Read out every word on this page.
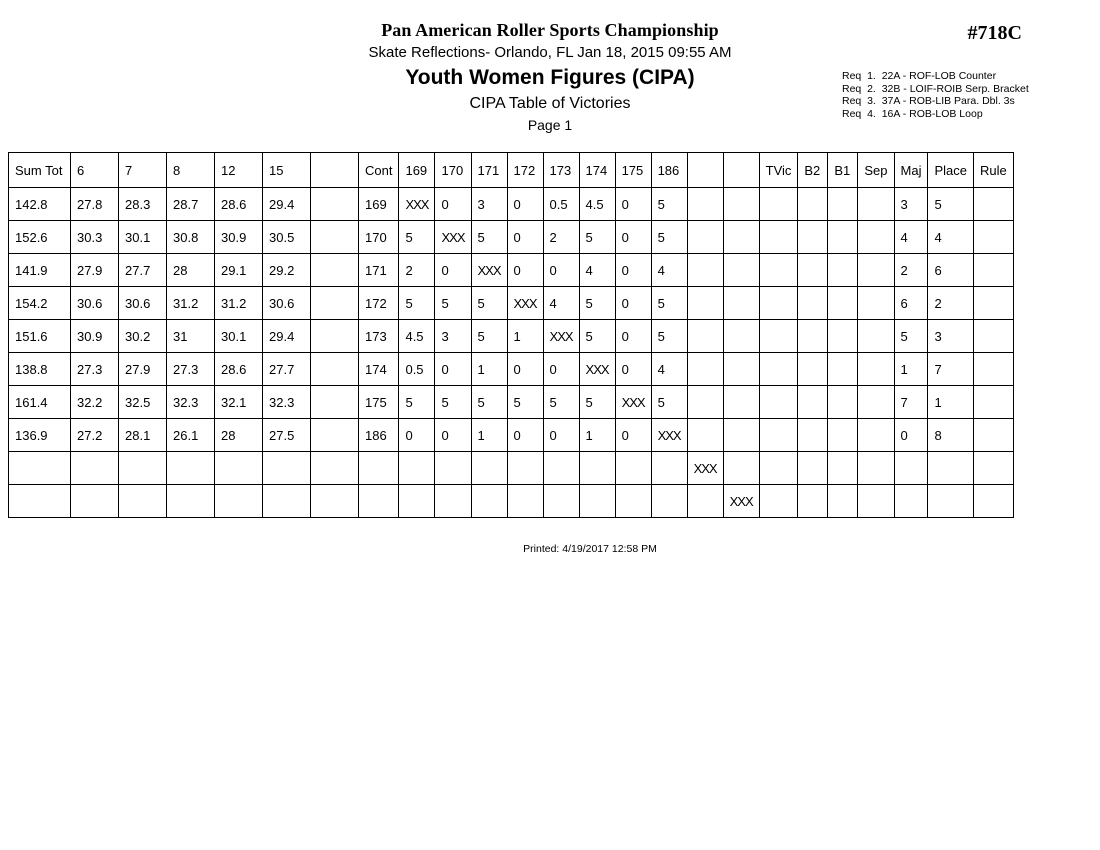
Pan American Roller Sports Championship
Skate Reflections- Orlando, FL Jan 18, 2015 09:55 AM
Youth Women Figures (CIPA)
CIPA Table of Victories
Page 1
#718C
Req  1.  22A - ROF-LOB Counter
Req  2.  32B - LOIF-ROIB Serp. Bracket
Req  3.  37A - ROB-LIB Para. Dbl. 3s
Req  4.  16A - ROB-LOB Loop
Sum Tot	6	7	8	12	15		Cont	169	170	171	172	173	174	175	186			TVic	B2	B1	Sep	Maj	Place	Rule
142.8	27.8	28.3	28.7	28.6	29.4		169	XXX	0	3	0	0.5	4.5	0	5							3	5	
152.6	30.3	30.1	30.8	30.9	30.5		170	5	XXX	5	0	2	5	0	5							4	4	
141.9	27.9	27.7	28	29.1	29.2		171	2	0	XXX	0	0	4	0	4							2	6	
154.2	30.6	30.6	31.2	31.2	30.6		172	5	5	5	XXX	4	5	0	5							6	2	
151.6	30.9	30.2	31	30.1	29.4		173	4.5	3	5	1	XXX	5	0	5							5	3	
138.8	27.3	27.9	27.3	28.6	27.7		174	0.5	0	1	0	0	XXX	0	4							1	7	
161.4	32.2	32.5	32.3	32.1	32.3		175	5	5	5	5	5	5	XXX	5							7	1	
136.9	27.2	28.1	26.1	28	27.5		186	0	0	1	0	0	1	0	XXX							0	8	
																XXX								
																	XXX							
Printed: 4/19/2017 12:58 PM
